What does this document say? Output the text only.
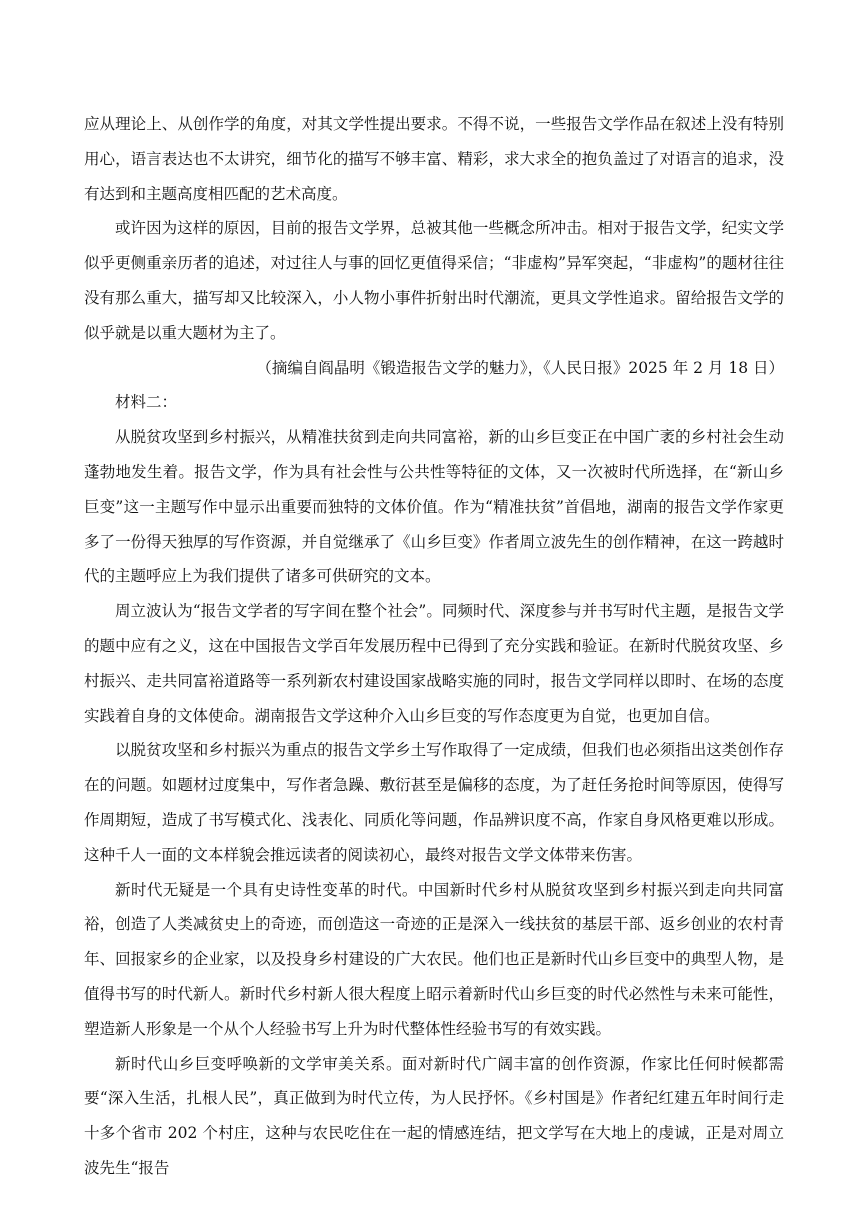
应从理论上、从创作学的角度，对其文学性提出要求。不得不说，一些报告文学作品在叙述上没有特别用心，语言表达也不太讲究，细节化的描写不够丰富、精彩，求大求全的抱负盖过了对语言的追求，没有达到和主题高度相匹配的艺术高度。

或许因为这样的原因，目前的报告文学界，总被其他一些概念所冲击。相对于报告文学，纪实文学似乎更侧重亲历者的追述，对过往人与事的回忆更值得采信；“非虚构”异军突起，“非虚构”的题材往往没有那么重大，描写却又比较深入，小人物小事件折射出时代潮流，更具文学性追求。留给报告文学的似乎就是以重大题材为主了。

（摘编自阎晶明《锻造报告文学的魅力》，《人民日报》2025 年 2 月 18 日）

材料二：

从脱贫攻坚到乡村振兴，从精准扶贫到走向共同富裕，新的山乡巨变正在中国广袤的乡村社会生动蓬勃地发生着。报告文学，作为具有社会性与公共性等特征的文体，又一次被时代所选择，在“新山乡巨变”这一主题写作中显示出重要而独特的文体价值。作为“精准扶贫”首倡地，湖南的报告文学作家更多了一份得天独厚的写作资源，并自觉继承了《山乡巨变》作者周立波先生的创作精神，在这一跨越时代的主题呼应上为我们提供了诸多可供研究的文本。

周立波认为“报告文学者的写字间在整个社会”。同频时代、深度参与并书写时代主题，是报告文学的题中应有之义，这在中国报告文学百年发展历程中已得到了充分实践和验证。在新时代脱贫攻坚、乡村振兴、走共同富裕道路等一系列新农村建设国家战略实施的同时，报告文学同样以即时、在场的态度实践着自身的文体使命。湖南报告文学这种介入山乡巨变的写作态度更为自觉，也更加自信。

以脱贫攻坚和乡村振兴为重点的报告文学乡土写作取得了一定成绩，但我们也必须指出这类创作存在的问题。如题材过度集中，写作者急躁、敷衍甚至是偏移的态度，为了赶任务抢时间等原因，使得写作周期短，造成了书写模式化、浅表化、同质化等问题，作品辨识度不高，作家自身风格更难以形成。这种千人一面的文本样貌会推远读者的阅读初心，最终对报告文学文体带来伤害。

新时代无疑是一个具有史诗性变革的时代。中国新时代乡村从脱贫攻坚到乡村振兴到走向共同富裕，创造了人类减贫史上的奇迹，而创造这一奇迹的正是深入一线扶贫的基层干部、返乡创业的农村青年、回报家乡的企业家，以及投身乡村建设的广大农民。他们也正是新时代山乡巨变中的典型人物，是值得书写的时代新人。新时代乡村新人很大程度上昭示着新时代山乡巨变的时代必然性与未来可能性，塑造新人形象是一个从个人经验书写上升为时代整体性经验书写的有效实践。

新时代山乡巨变呼唤新的文学审美关系。面对新时代广阔丰富的创作资源，作家比任何时候都需要“深入生活，扎根人民”，真正做到为时代立传，为人民抒怀。《乡村国是》作者纪红建五年时间行走十多个省市 202 个村庄，这种与农民吃住在一起的情感连结，把文学写在大地上的虔诚，正是对周立波先生“报告
